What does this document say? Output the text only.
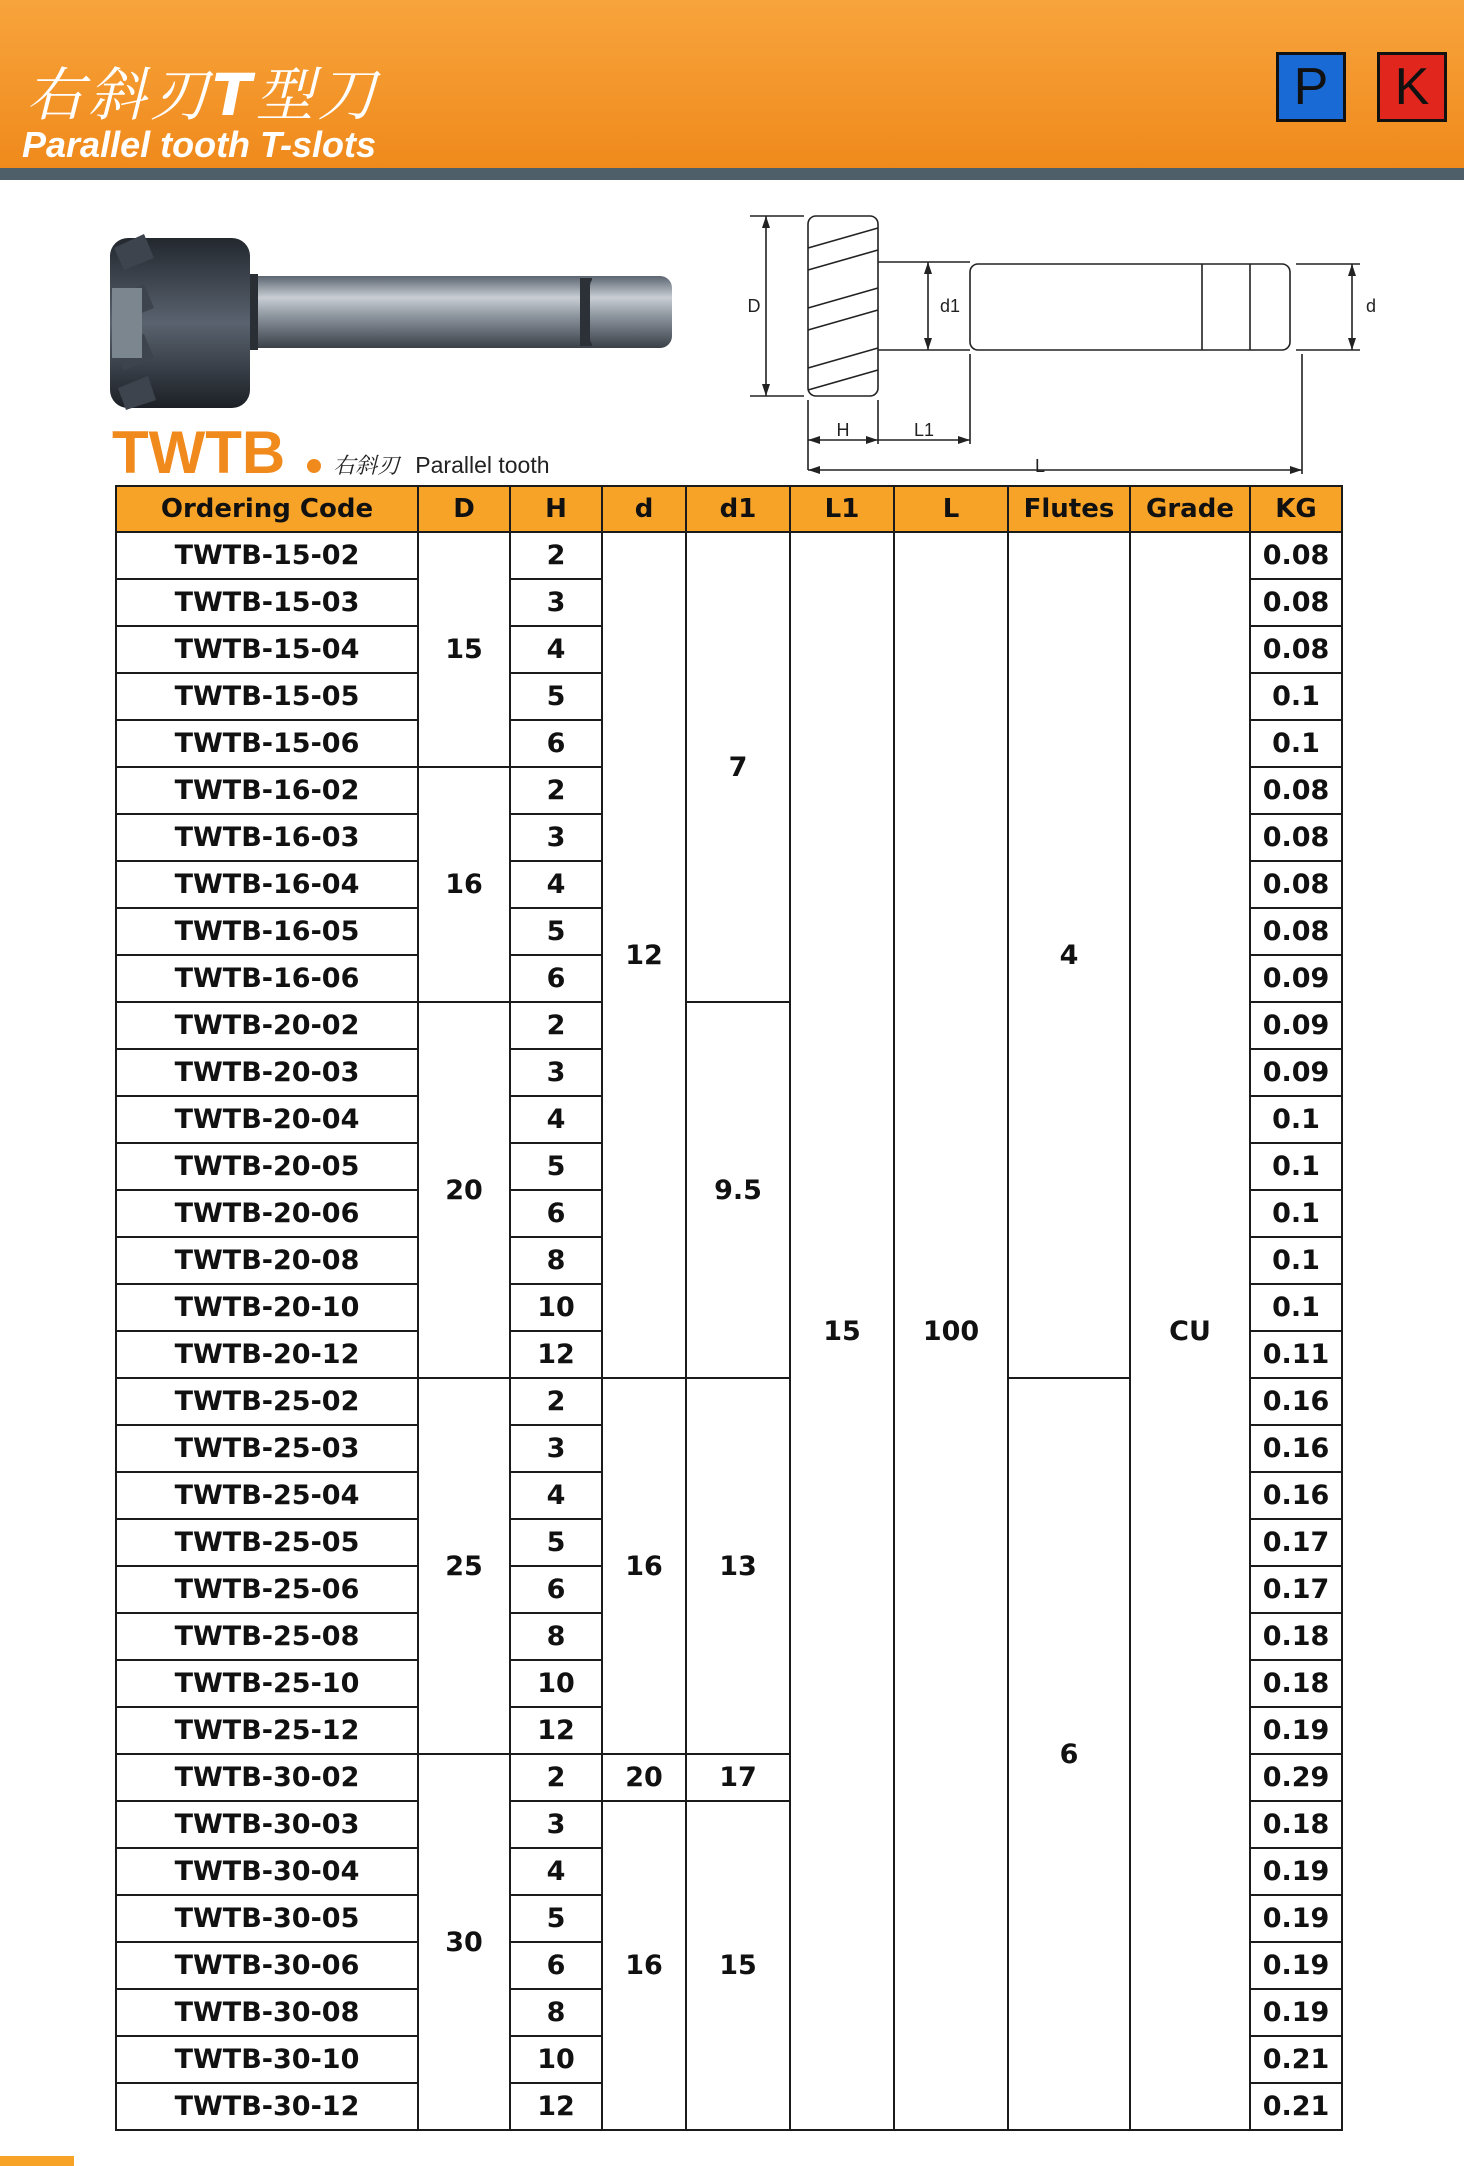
右斜刃T型刀
Parallel tooth T-slots
P	K
D	d1	d
H	L1
L
TWTB 右斜刃 Parallel tooth
Ordering Code	D	H	d	d1	L1	L	Flutes	Grade	KG
TWTB-15-02	15	2	12	7	15	100	4	CU	0.08
TWTB-15-03		3							0.08
TWTB-15-04		4							0.08
TWTB-15-05		5							0.1
TWTB-15-06		6							0.1
TWTB-16-02	16	2							0.08
TWTB-16-03		3							0.08
TWTB-16-04		4							0.08
TWTB-16-05		5							0.08
TWTB-16-06		6							0.09
TWTB-20-02	20	2		9.5					0.09
TWTB-20-03		3							0.09
TWTB-20-04		4							0.1
TWTB-20-05		5							0.1
TWTB-20-06		6							0.1
TWTB-20-08		8							0.1
TWTB-20-10		10							0.1
TWTB-20-12		12							0.11
TWTB-25-02	25	2	16	13			6		0.16
TWTB-25-03		3							0.16
TWTB-25-04		4							0.16
TWTB-25-05		5							0.17
TWTB-25-06		6							0.17
TWTB-25-08		8							0.18
TWTB-25-10		10							0.18
TWTB-25-12		12							0.19
TWTB-30-02	30	2	20	17					0.29
TWTB-30-03		3	16	15					0.18
TWTB-30-04		4							0.19
TWTB-30-05		5							0.19
TWTB-30-06		6							0.19
TWTB-30-08		8							0.19
TWTB-30-10		10							0.21
TWTB-30-12		12							0.21
